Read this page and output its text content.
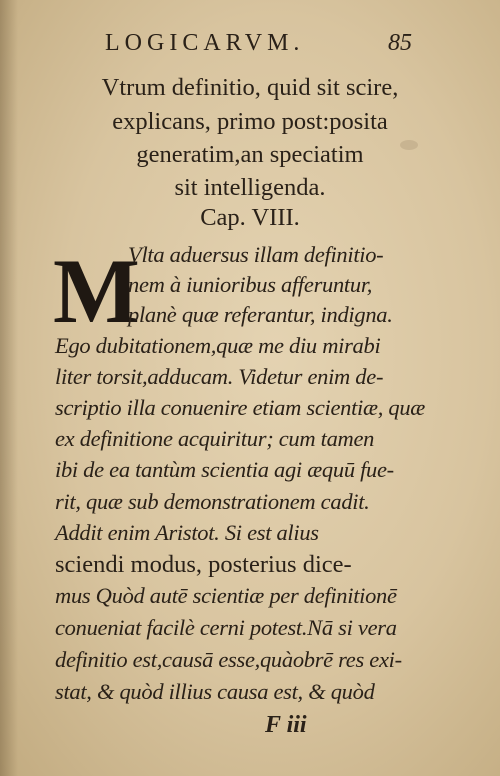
LOGICARVM.	85

Vtrum definitio, quid sit scire,

explicans, primo post:posita

generatim,an speciatim

sit intelligenda.

Cap. VIII.

M

Vlta aduersus illam definitio-

nem à iunioribus afferuntur,

planè quæ referantur, indigna.

Ego dubitationem,quæ me diu mirabi

liter torsit,adducam. Videtur enim de-

scriptio illa conuenire etiam scientiæ, quæ

ex definitione acquiritur; cum tamen

ibi de ea tantùm scientia agi æquū fue-

rit, quæ sub demonstrationem cadit.

Addit enim Aristot. Si est alius

sciendi modus, posterius dice-

mus Quòd autē scientiæ per definitionē

conueniat facilè cerni potest.Nā si vera

definitio est,causā esse,quàobrē res exi-

stat, & quòd illius causa est, & quòd

F iii
